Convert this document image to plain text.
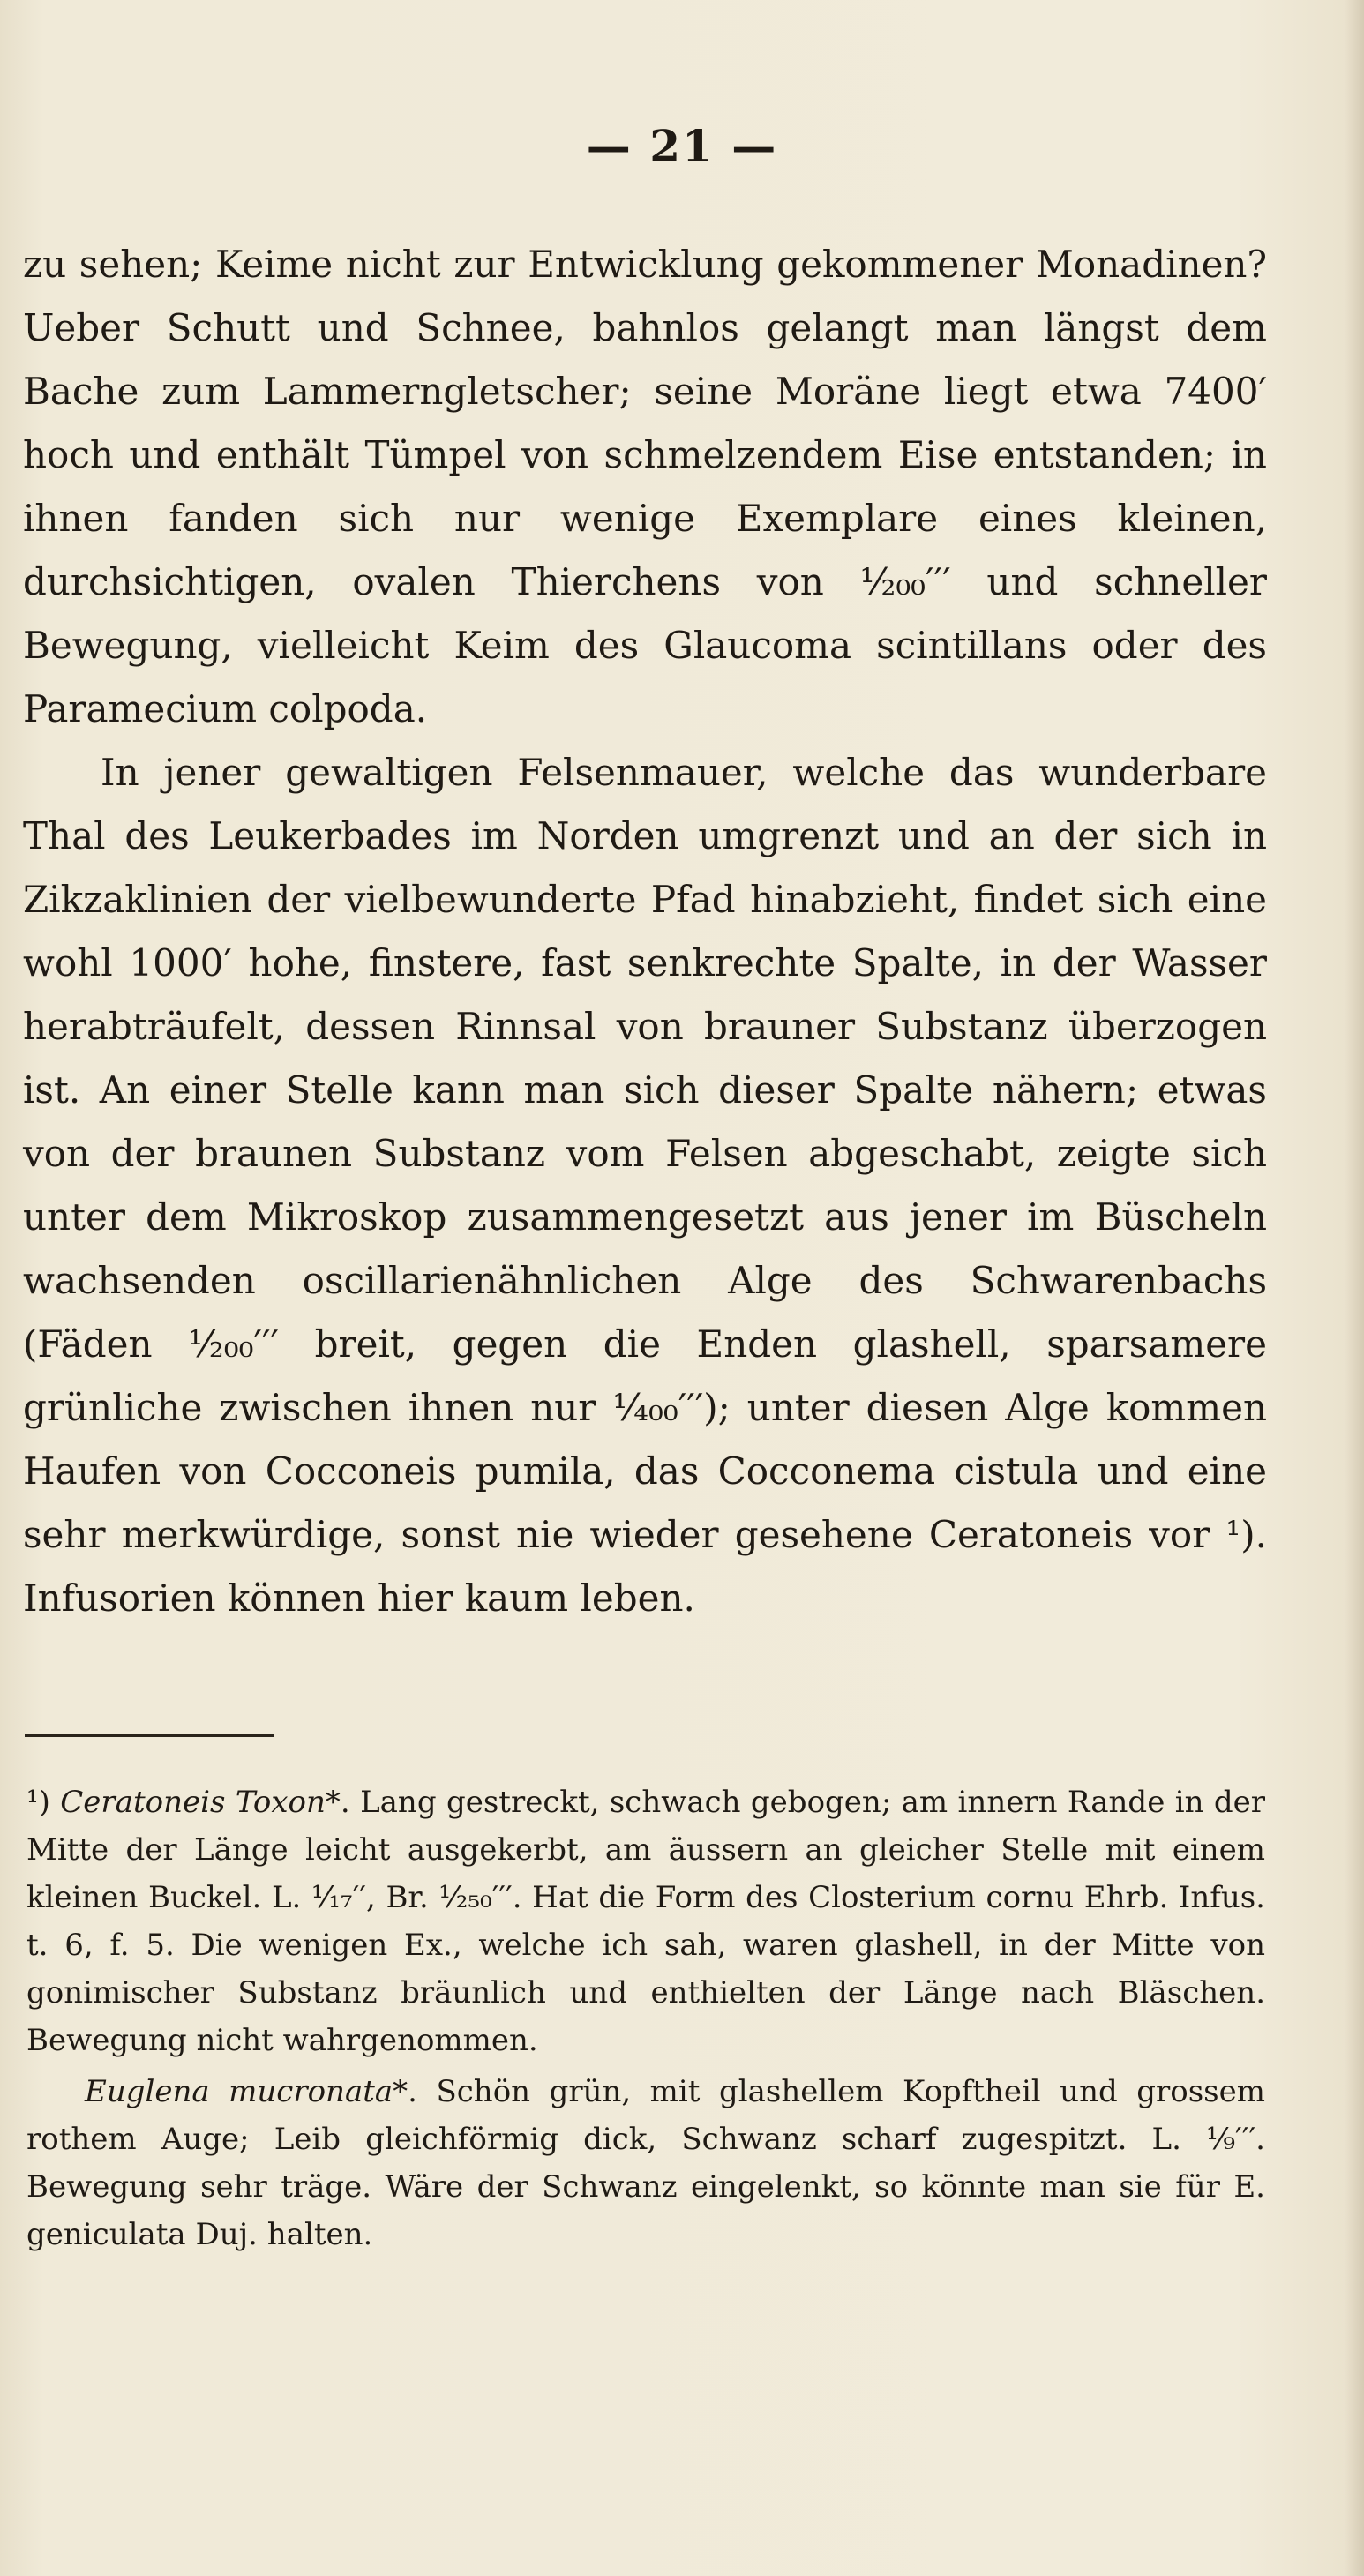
— 21 —

zu sehen; Keime nicht zur Entwicklung gekommener Monadinen? Ueber Schutt und Schnee, bahnlos gelangt man längst dem Bache zum Lammerngletscher; seine Moräne liegt etwa 7400′ hoch und enthält Tümpel von schmelzendem Eise entstanden; in ihnen fanden sich nur wenige Exemplare eines kleinen, durchsichtigen, ovalen Thierchens von ¹⁄₂₀₀′′′ und schneller Bewegung, vielleicht Keim des Glaucoma scintillans oder des Paramecium colpoda.

In jener gewaltigen Felsenmauer, welche das wunderbare Thal des Leukerbades im Norden umgrenzt und an der sich in Zikzaklinien der vielbewunderte Pfad hinabzieht, findet sich eine wohl 1000′ hohe, finstere, fast senkrechte Spalte, in der Wasser herabträufelt, dessen Rinnsal von brauner Substanz überzogen ist. An einer Stelle kann man sich dieser Spalte nähern; etwas von der braunen Substanz vom Felsen abgeschabt, zeigte sich unter dem Mikroskop zusammengesetzt aus jener im Büscheln wachsenden oscillarienähnlichen Alge des Schwarenbachs (Fäden ¹⁄₂₀₀′′′ breit, gegen die Enden glashell, sparsamere grünliche zwischen ihnen nur ¹⁄₄₀₀′′′); unter diesen Alge kommen Haufen von Cocconeis pumila, das Cocconema cistula und eine sehr merkwürdige, sonst nie wieder gesehene Ceratoneis vor ¹). Infusorien können hier kaum leben.

¹) Ceratoneis Toxon*. Lang gestreckt, schwach gebogen; am innern Rande in der Mitte der Länge leicht ausgekerbt, am äussern an gleicher Stelle mit einem kleinen Buckel. L. ¹⁄₁₇′′, Br. ¹⁄₂₅₀′′′. Hat die Form des Closterium cornu Ehrb. Infus. t. 6, f. 5. Die wenigen Ex., welche ich sah, waren glashell, in der Mitte von gonimischer Substanz bräunlich und enthielten der Länge nach Bläschen. Bewegung nicht wahrgenommen.

Euglena mucronata*. Schön grün, mit glashellem Kopftheil und grossem rothem Auge; Leib gleichförmig dick, Schwanz scharf zugespitzt. L. ¹⁄₉′′′. Bewegung sehr träge. Wäre der Schwanz eingelenkt, so könnte man sie für E. geniculata Duj. halten.
